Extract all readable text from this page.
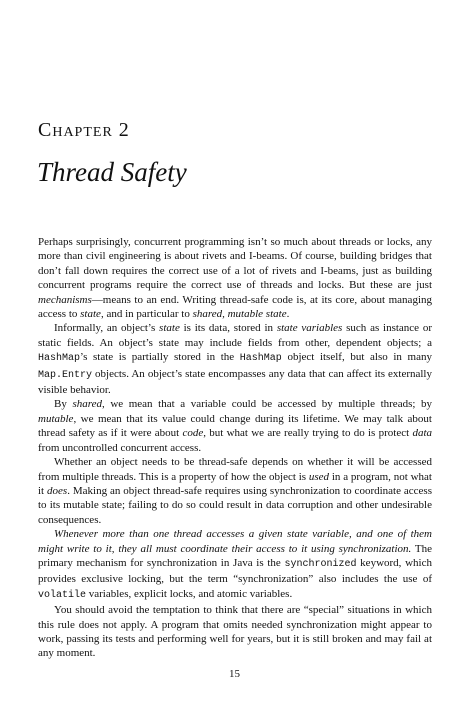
Chapter 2
Thread Safety

Perhaps surprisingly, concurrent programming isn’t so much about threads or locks, any more than civil engineering is about rivets and I-beams. Of course, building bridges that don’t fall down requires the correct use of a lot of rivets and I-beams, just as building concurrent programs require the correct use of threads and locks. But these are just mechanisms—means to an end. Writing thread-safe code is, at its core, about managing access to state, and in particular to shared, mutable state.

Informally, an object’s state is its data, stored in state variables such as instance or static fields. An object’s state may include fields from other, dependent objects; a HashMap’s state is partially stored in the HashMap object itself, but also in many Map.Entry objects. An object’s state encompasses any data that can affect its externally visible behavior.

By shared, we mean that a variable could be accessed by multiple threads; by mutable, we mean that its value could change during its lifetime. We may talk about thread safety as if it were about code, but what we are really trying to do is protect data from uncontrolled concurrent access.

Whether an object needs to be thread-safe depends on whether it will be accessed from multiple threads. This is a property of how the object is used in a program, not what it does. Making an object thread-safe requires using synchronization to coordinate access to its mutable state; failing to do so could result in data corruption and other undesirable consequences.

Whenever more than one thread accesses a given state variable, and one of them might write to it, they all must coordinate their access to it using synchronization. The primary mechanism for synchronization in Java is the synchronized keyword, which provides exclusive locking, but the term “synchronization” also includes the use of volatile variables, explicit locks, and atomic variables.

You should avoid the temptation to think that there are “special” situations in which this rule does not apply. A program that omits needed synchronization might appear to work, passing its tests and performing well for years, but it is still broken and may fail at any moment.

15
